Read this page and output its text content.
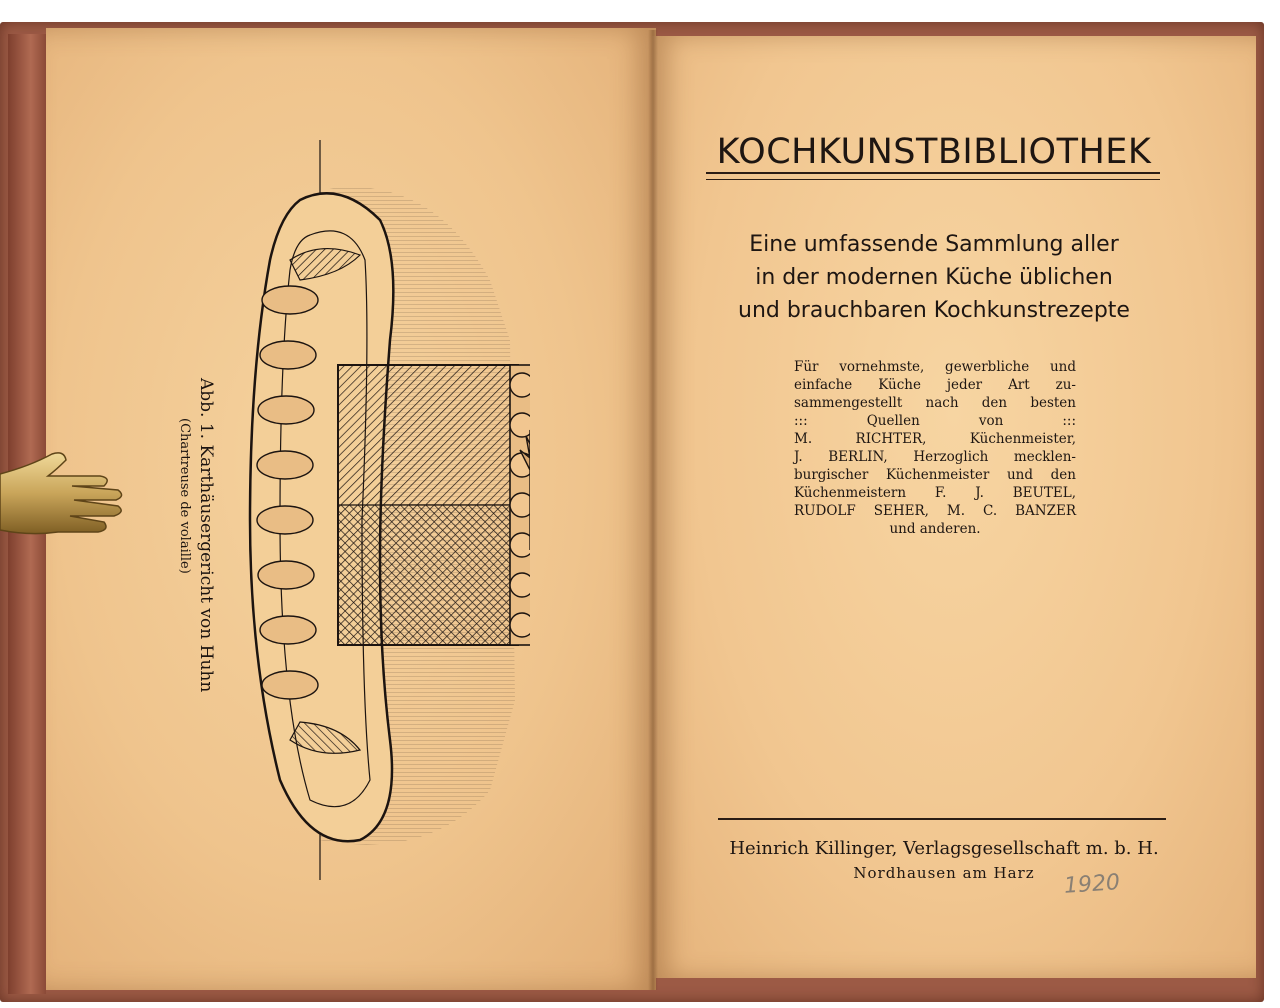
Abb. 1. Karthäusergericht von Huhn
(Chartreuse de volaille)
KOCHKUNSTBIBLIOTHEK
Eine umfassende Sammlung aller
in der modernen Küche üblichen
und brauchbaren Kochkunstrezepte
Für vornehmste, gewerbliche und
einfache Küche jeder Art zu-
sammengestellt nach den besten
::: Quellen von :::
M. RICHTER, Küchenmeister,
J. BERLIN, Herzoglich mecklen-
burgischer Küchenmeister und den
Küchenmeistern F. J. BEUTEL,
RUDOLF SEHER, M. C. BANZER
und anderen.
Heinrich Killinger, Verlagsgesellschaft m. b. H.
Nordhausen am Harz	1920
